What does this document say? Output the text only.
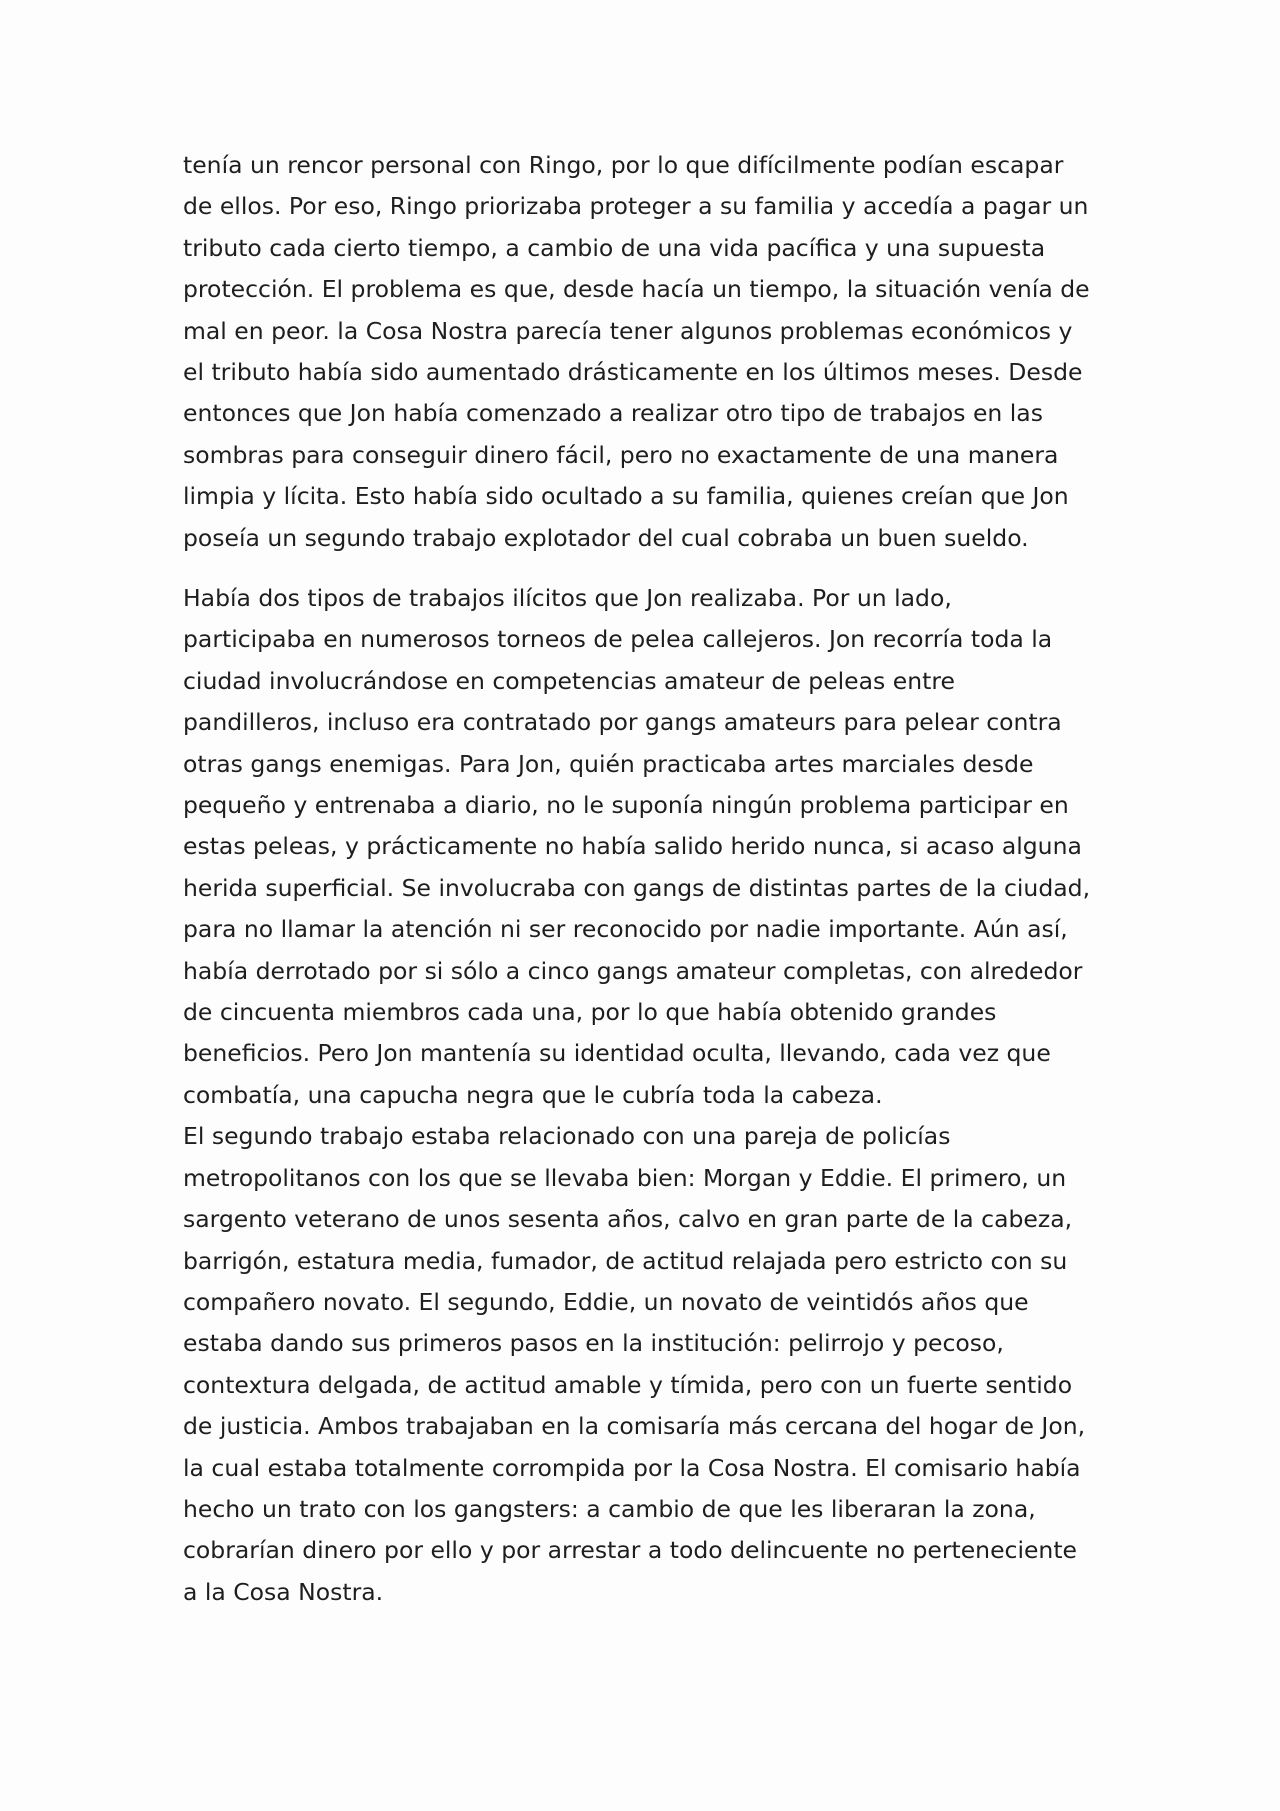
tenía un rencor personal con Ringo, por lo que difícilmente podían escapar
de ellos. Por eso, Ringo priorizaba proteger a su familia y accedía a pagar un
tributo cada cierto tiempo, a cambio de una vida pacífica y una supuesta
protección. El problema es que, desde hacía un tiempo, la situación venía de
mal en peor. la Cosa Nostra parecía tener algunos problemas económicos y
el tributo había sido aumentado drásticamente en los últimos meses. Desde
entonces que Jon había comenzado a realizar otro tipo de trabajos en las
sombras para conseguir dinero fácil, pero no exactamente de una manera
limpia y lícita. Esto había sido ocultado a su familia, quienes creían que Jon
poseía un segundo trabajo explotador del cual cobraba un buen sueldo.
Había dos tipos de trabajos ilícitos que Jon realizaba. Por un lado,
participaba en numerosos torneos de pelea callejeros. Jon recorría toda la
ciudad involucrándose en competencias amateur de peleas entre
pandilleros, incluso era contratado por gangs amateurs para pelear contra
otras gangs enemigas. Para Jon, quién practicaba artes marciales desde
pequeño y entrenaba a diario, no le suponía ningún problema participar en
estas peleas, y prácticamente no había salido herido nunca, si acaso alguna
herida superficial. Se involucraba con gangs de distintas partes de la ciudad,
para no llamar la atención ni ser reconocido por nadie importante. Aún así,
había derrotado por si sólo a cinco gangs amateur completas, con alrededor
de cincuenta miembros cada una, por lo que había obtenido grandes
beneficios. Pero Jon mantenía su identidad oculta, llevando, cada vez que
combatía, una capucha negra que le cubría toda la cabeza.
El segundo trabajo estaba relacionado con una pareja de policías
metropolitanos con los que se llevaba bien: Morgan y Eddie. El primero, un
sargento veterano de unos sesenta años, calvo en gran parte de la cabeza,
barrigón, estatura media, fumador, de actitud relajada pero estricto con su
compañero novato. El segundo, Eddie, un novato de veintidós años que
estaba dando sus primeros pasos en la institución: pelirrojo y pecoso,
contextura delgada, de actitud amable y tímida, pero con un fuerte sentido
de justicia. Ambos trabajaban en la comisaría más cercana del hogar de Jon,
la cual estaba totalmente corrompida por la Cosa Nostra. El comisario había
hecho un trato con los gangsters: a cambio de que les liberaran la zona,
cobrarían dinero por ello y por arrestar a todo delincuente no perteneciente
a la Cosa Nostra.
